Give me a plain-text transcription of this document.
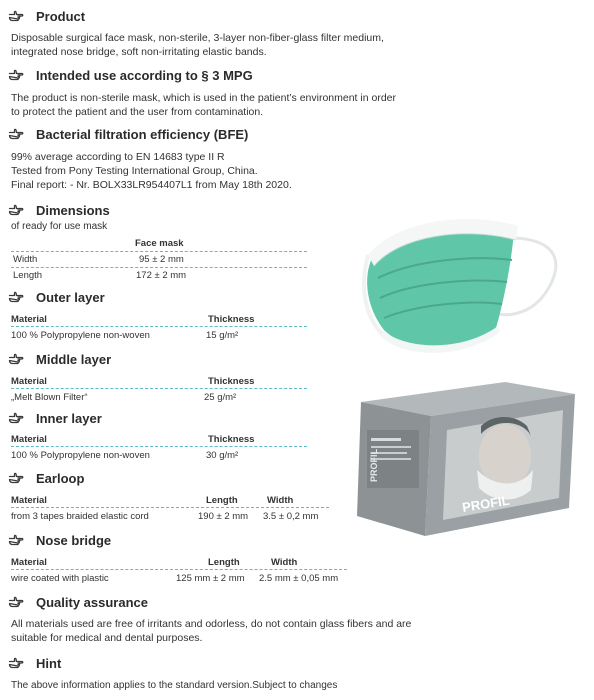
Product
Disposable surgical face mask, non-sterile, 3-layer non-fiber-glass filter medium,
integrated nose bridge, soft non-irritating elastic bands.
Intended use according to § 3 MPG
The product is non-sterile mask, which is used in the patient’s environment in order
to protect the patient and the user from contamination.
Bacterial filtration efficiency (BFE)
99% average according to EN 14683 type II R
Tested from Pony Testing International Group, China.
Final report: - Nr. BOLX33LR954407L1 from May 18th 2020.
Dimensions
of ready for use mask
Face mask
Width	95 ± 2 mm
Length	172 ± 2 mm
Outer layer
Material	Thickness
100 % Polypropylene non-woven	15 g/m²
Middle layer
Material	Thickness
„Melt Blown Filter“	25 g/m²
Inner layer
Material	Thickness
100 % Polypropylene non-woven	30 g/m²
Earloop
Material	Length	Width
from 3 tapes braided elastic cord	190 ± 2 mm 3.5 ± 0,2 mm
Nose bridge
Material	Length	Width
wire coated with plastic	125 mm ± 2 mm 2.5 mm ± 0,05 mm
Quality assurance
All materials used are free of irritants and odorless, do not contain glass fibers and are
suitable for medical and dental purposes.
Hint
The above information applies to the standard version.Subject to changes
PROFIL
PROFIL
